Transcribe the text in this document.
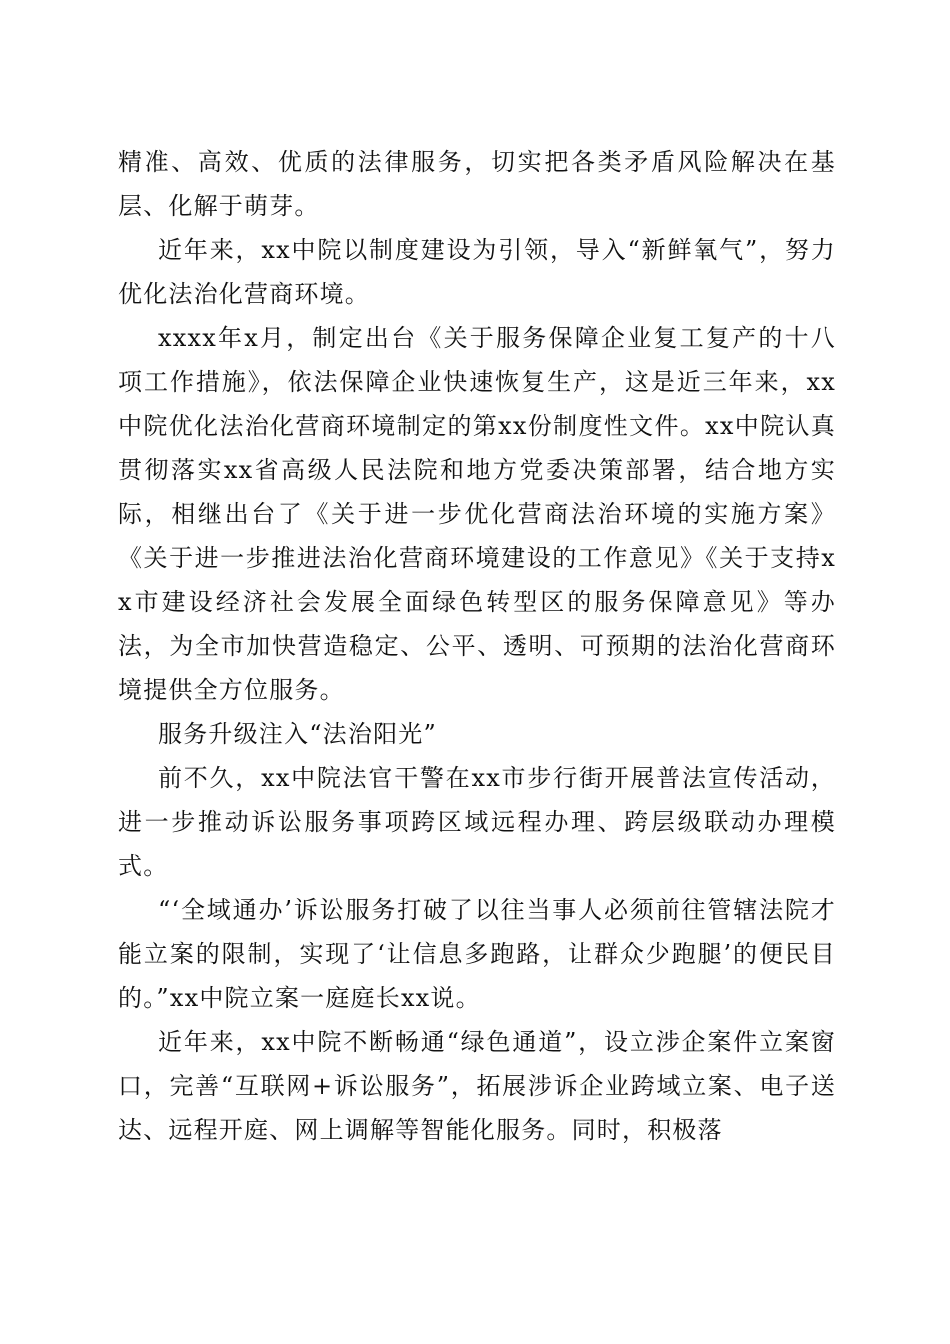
精准、高效、优质的法律服务，切实把各类矛盾风险解决在基层、化解于萌芽。

近年来，xx中院以制度建设为引领，导入“新鲜氧气”，努力优化法治化营商环境。

xxxx年x月，制定出台《关于服务保障企业复工复产的十八项工作措施》，依法保障企业快速恢复生产，这是近三年来，xx中院优化法治化营商环境制定的第xx份制度性文件。xx中院认真贯彻落实xx省高级人民法院和地方党委决策部署，结合地方实际，相继出台了《关于进一步优化营商法治环境的实施方案》《关于进一步推进法治化营商环境建设的工作意见》《关于支持xx市建设经济社会发展全面绿色转型区的服务保障意见》等办法，为全市加快营造稳定、公平、透明、可预期的法治化营商环境提供全方位服务。

服务升级注入“法治阳光”

前不久，xx中院法官干警在xx市步行街开展普法宣传活动，进一步推动诉讼服务事项跨区域远程办理、跨层级联动办理模式。

“‘全域通办’诉讼服务打破了以往当事人必须前往管辖法院才能立案的限制，实现了‘让信息多跑路，让群众少跑腿’的便民目的。”xx中院立案一庭庭长xx说。

近年来，xx中院不断畅通“绿色通道”，设立涉企案件立案窗口，完善“互联网+诉讼服务”，拓展涉诉企业跨域立案、电子送达、远程开庭、网上调解等智能化服务。同时，积极落
